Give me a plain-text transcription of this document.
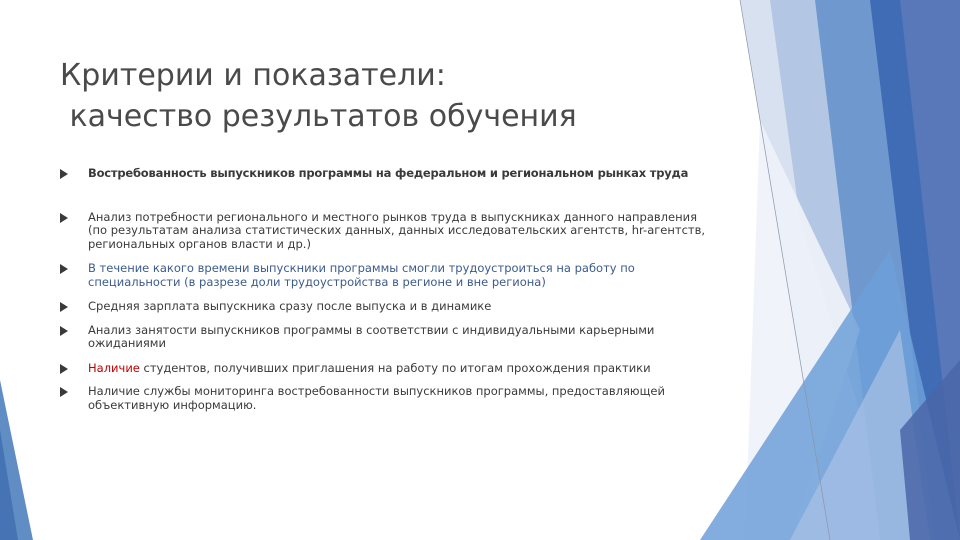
Критерии и показатели:
качество результатов обучения
Востребованность выпускников программы на федеральном и региональном рынках труда
Анализ потребности регионального и местного рынков труда в выпускниках данного направления (по результатам анализа статистических данных, данных исследовательских агентств, hr-агентств, региональных органов власти и др.)
В течение какого времени выпускники программы смогли трудоустроиться на работу по специальности (в разрезе доли трудоустройства в регионе и вне региона)
Средняя зарплата выпускника сразу после выпуска и в динамике
Анализ занятости выпускников программы в соответствии с индивидуальными карьерными ожиданиями
Наличие студентов, получивших приглашения на работу по итогам прохождения практики
Наличие службы мониторинга востребованности выпускников программы, предоставляющей объективную информацию.
